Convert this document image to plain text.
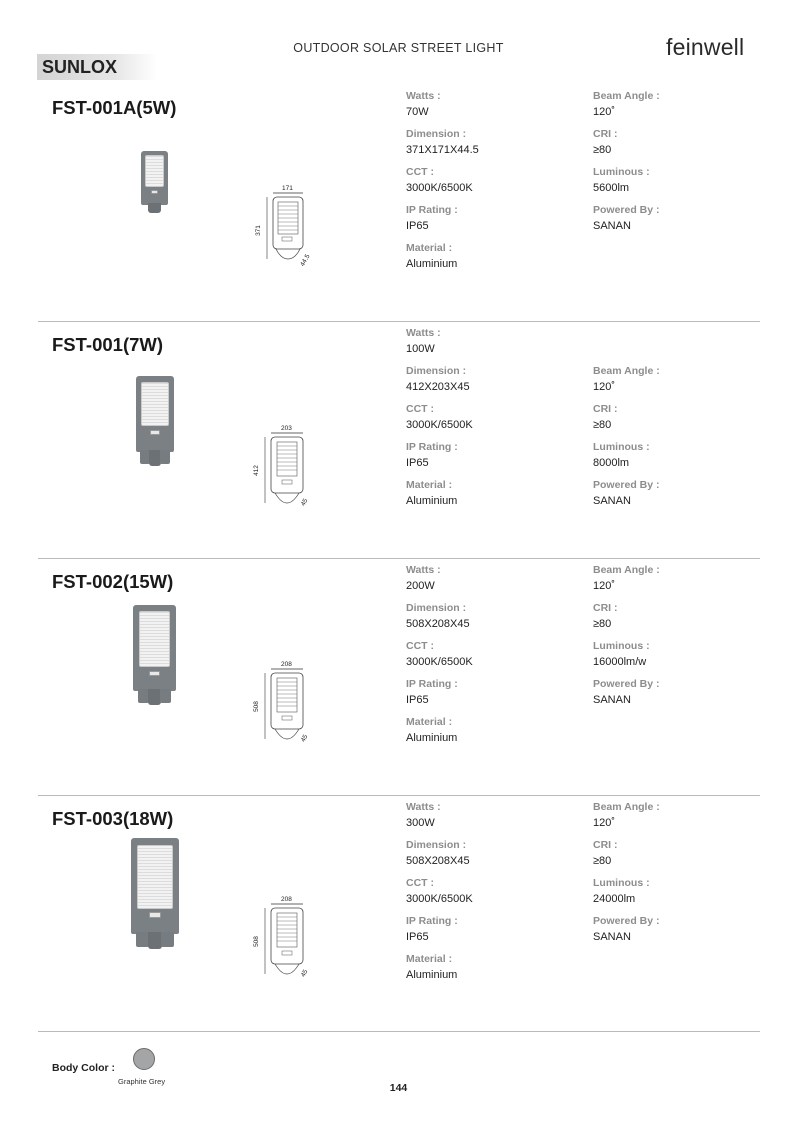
OUTDOOR SOLAR STREET LIGHT
SUNLOX
feinwell
FST-001A(5W)
171
371
44.5
Watts :
70W
Dimension :
371X171X44.5
CCT :
3000K/6500K
IP Rating :
IP65
Material :
Aluminium
Beam Angle :
120˚
CRI :
≥80
Luminous :
5600lm
Powered By :
SANAN
FST-001(7W)
203
412
45
Watts :
100W
Dimension :
412X203X45
CCT :
3000K/6500K
IP Rating :
IP65
Material :
Aluminium
Beam Angle :
120˚
CRI :
≥80
Luminous :
8000lm
Powered By :
SANAN
FST-002(15W)
208
508
45
Watts :
200W
Dimension :
508X208X45
CCT :
3000K/6500K
IP Rating :
IP65
Material :
Aluminium
Beam Angle :
120˚
CRI :
≥80
Luminous :
16000lm/w
Powered By :
SANAN
FST-003(18W)
208
508
45
Watts :
300W
Dimension :
508X208X45
CCT :
3000K/6500K
IP Rating :
IP65
Material :
Aluminium
Beam Angle :
120˚
CRI :
≥80
Luminous :
24000lm
Powered By :
SANAN
Body Color :
Graphite Grey
144
